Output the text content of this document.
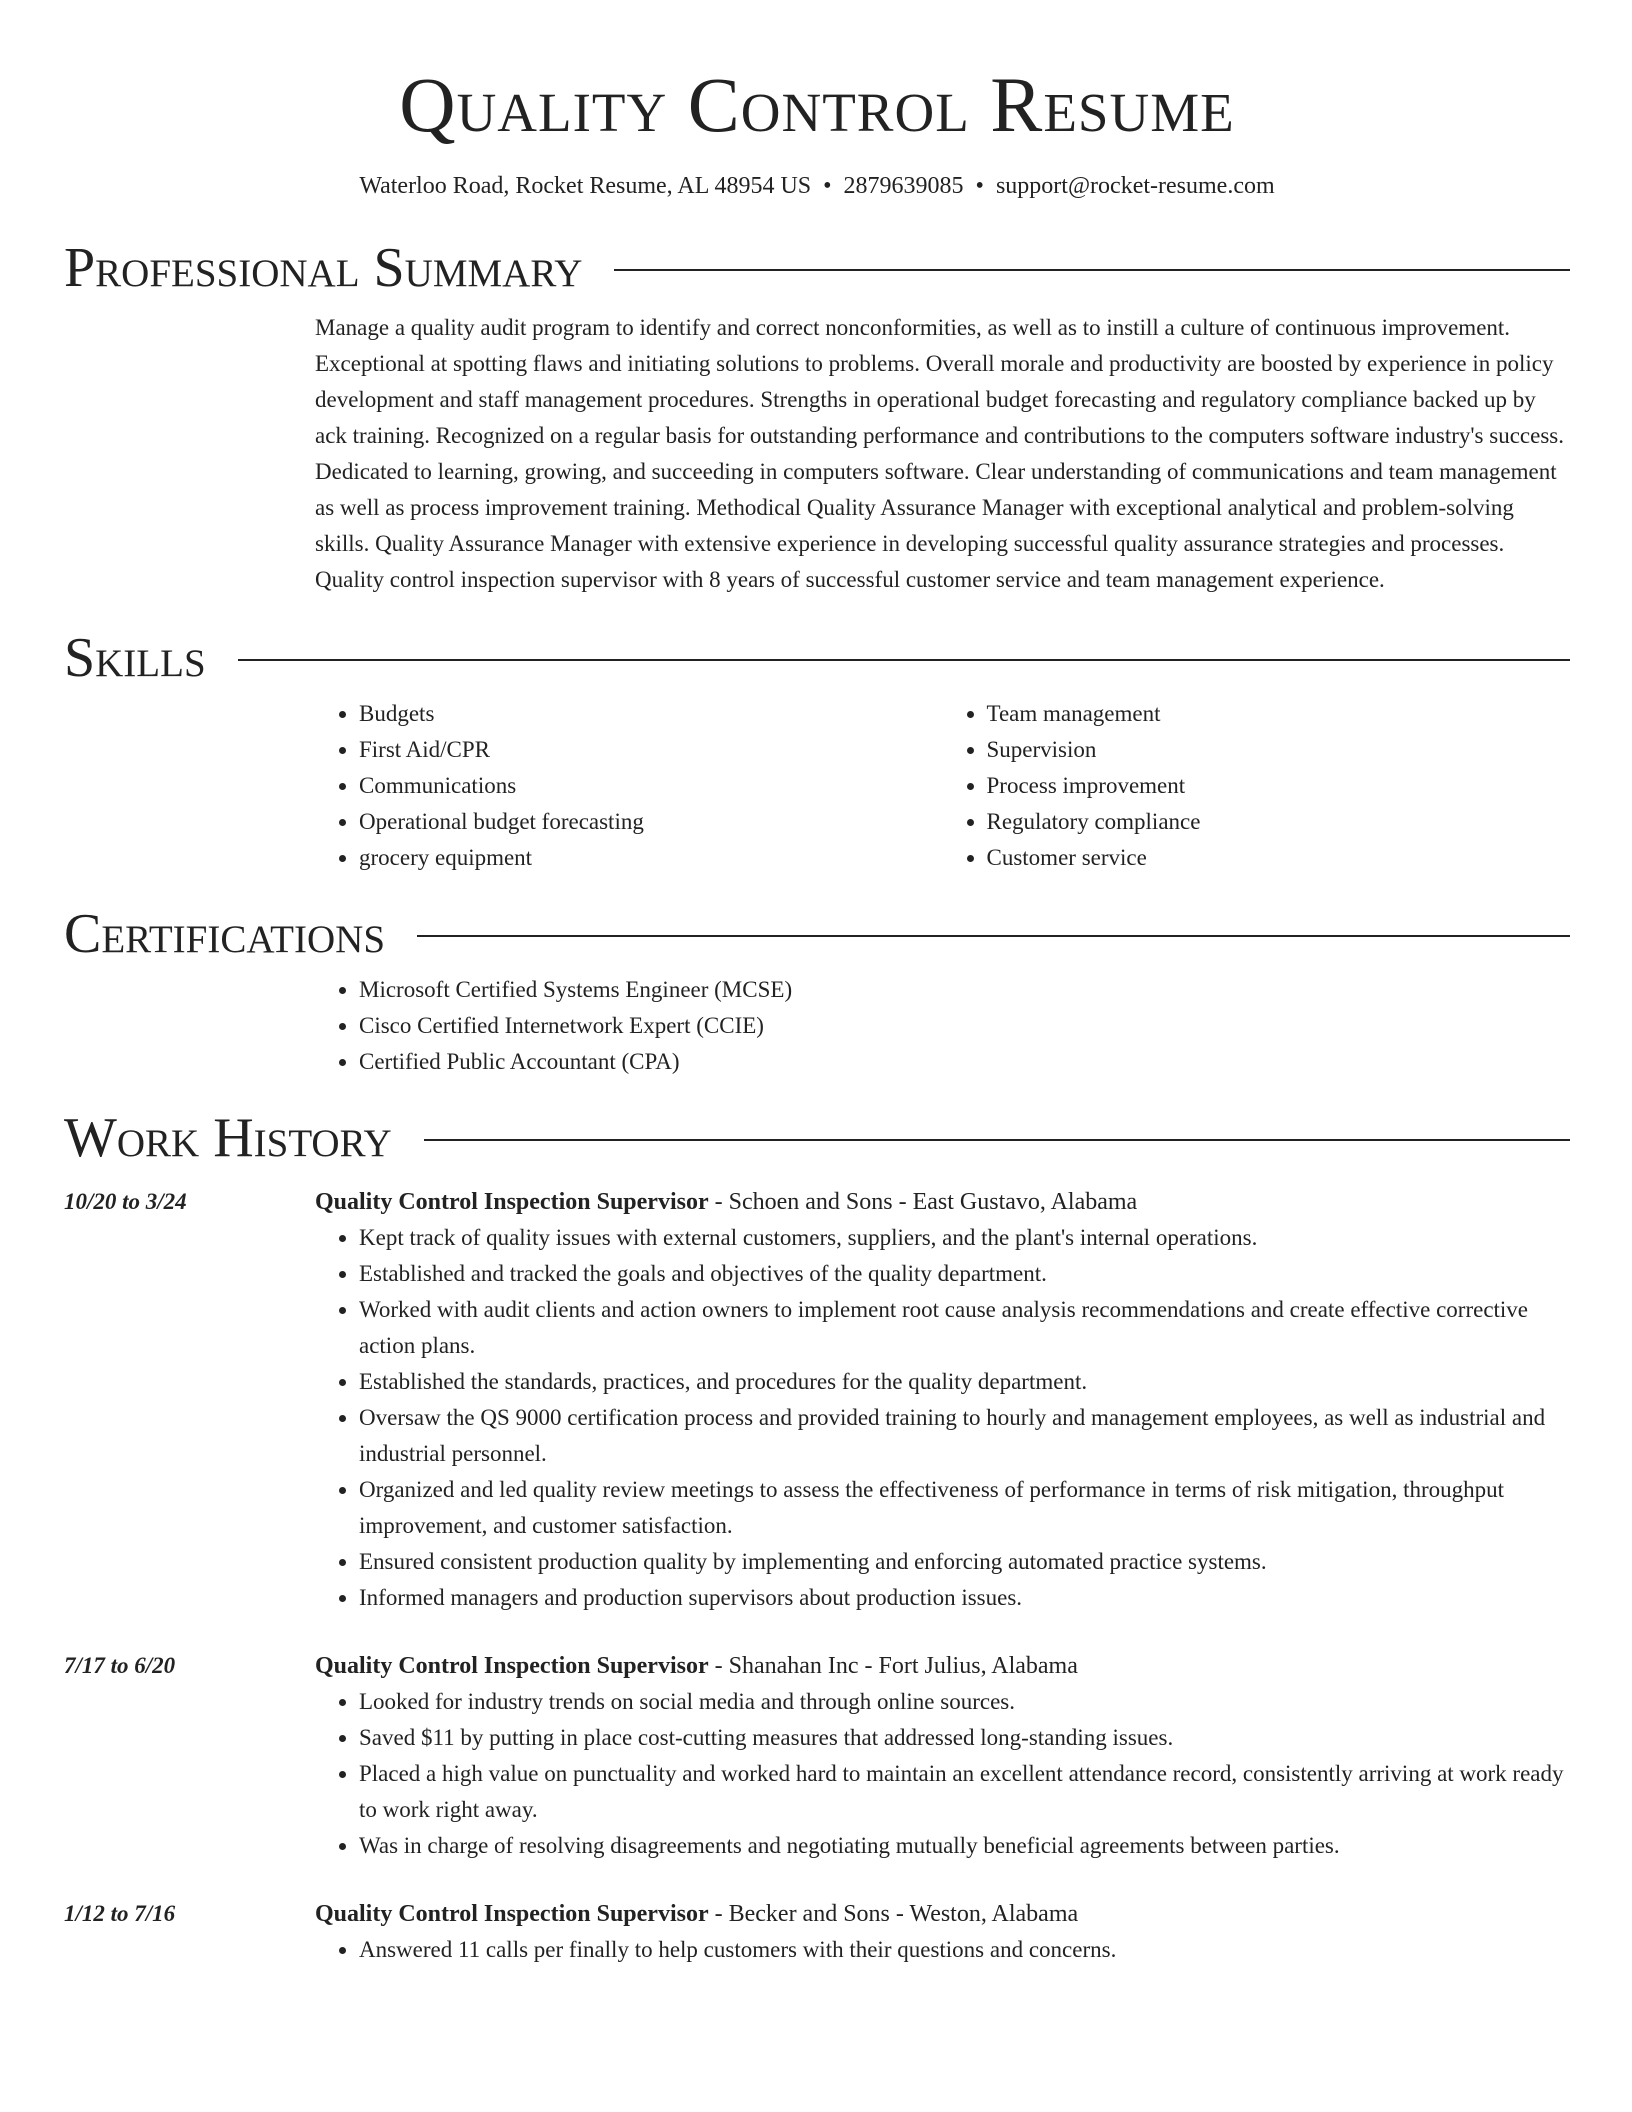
Quality Control Resume
Waterloo Road, Rocket Resume, AL 48954 US • 2879639085 • support@rocket-resume.com
Professional Summary

Manage a quality audit program to identify and correct nonconformities, as well as to instill a culture of continuous improvement. Exceptional at spotting flaws and initiating solutions to problems. Overall morale and productivity are boosted by experience in policy development and staff management procedures. Strengths in operational budget forecasting and regulatory compliance backed up by ack training. Recognized on a regular basis for outstanding performance and contributions to the computers software industry's success. Dedicated to learning, growing, and succeeding in computers software. Clear understanding of communications and team management as well as process improvement training. Methodical Quality Assurance Manager with exceptional analytical and problem-solving skills. Quality Assurance Manager with extensive experience in developing successful quality assurance strategies and processes. Quality control inspection supervisor with 8 years of successful customer service and team management experience.

Skills
• Budgets
• First Aid/CPR
• Communications
• Operational budget forecasting
• grocery equipment
• Team management
• Supervision
• Process improvement
• Regulatory compliance
• Customer service
Certifications
• Microsoft Certified Systems Engineer (MCSE)
• Cisco Certified Internetwork Expert (CCIE)
• Certified Public Accountant (CPA)
Work History
10/20 to 3/24	Quality Control Inspection Supervisor - Schoen and Sons - East Gustavo, Alabama
• Kept track of quality issues with external customers, suppliers, and the plant's internal operations.
• Established and tracked the goals and objectives of the quality department.
• Worked with audit clients and action owners to implement root cause analysis recommendations and create effective corrective action plans.
• Established the standards, practices, and procedures for the quality department.
• Oversaw the QS 9000 certification process and provided training to hourly and management employees, as well as industrial and industrial personnel.
• Organized and led quality review meetings to assess the effectiveness of performance in terms of risk mitigation, throughput improvement, and customer satisfaction.
• Ensured consistent production quality by implementing and enforcing automated practice systems.
• Informed managers and production supervisors about production issues.
7/17 to 6/20	Quality Control Inspection Supervisor - Shanahan Inc - Fort Julius, Alabama
• Looked for industry trends on social media and through online sources.
• Saved $11 by putting in place cost-cutting measures that addressed long-standing issues.
• Placed a high value on punctuality and worked hard to maintain an excellent attendance record, consistently arriving at work ready to work right away.
• Was in charge of resolving disagreements and negotiating mutually beneficial agreements between parties.
1/12 to 7/16	Quality Control Inspection Supervisor - Becker and Sons - Weston, Alabama
• Answered 11 calls per finally to help customers with their questions and concerns.
